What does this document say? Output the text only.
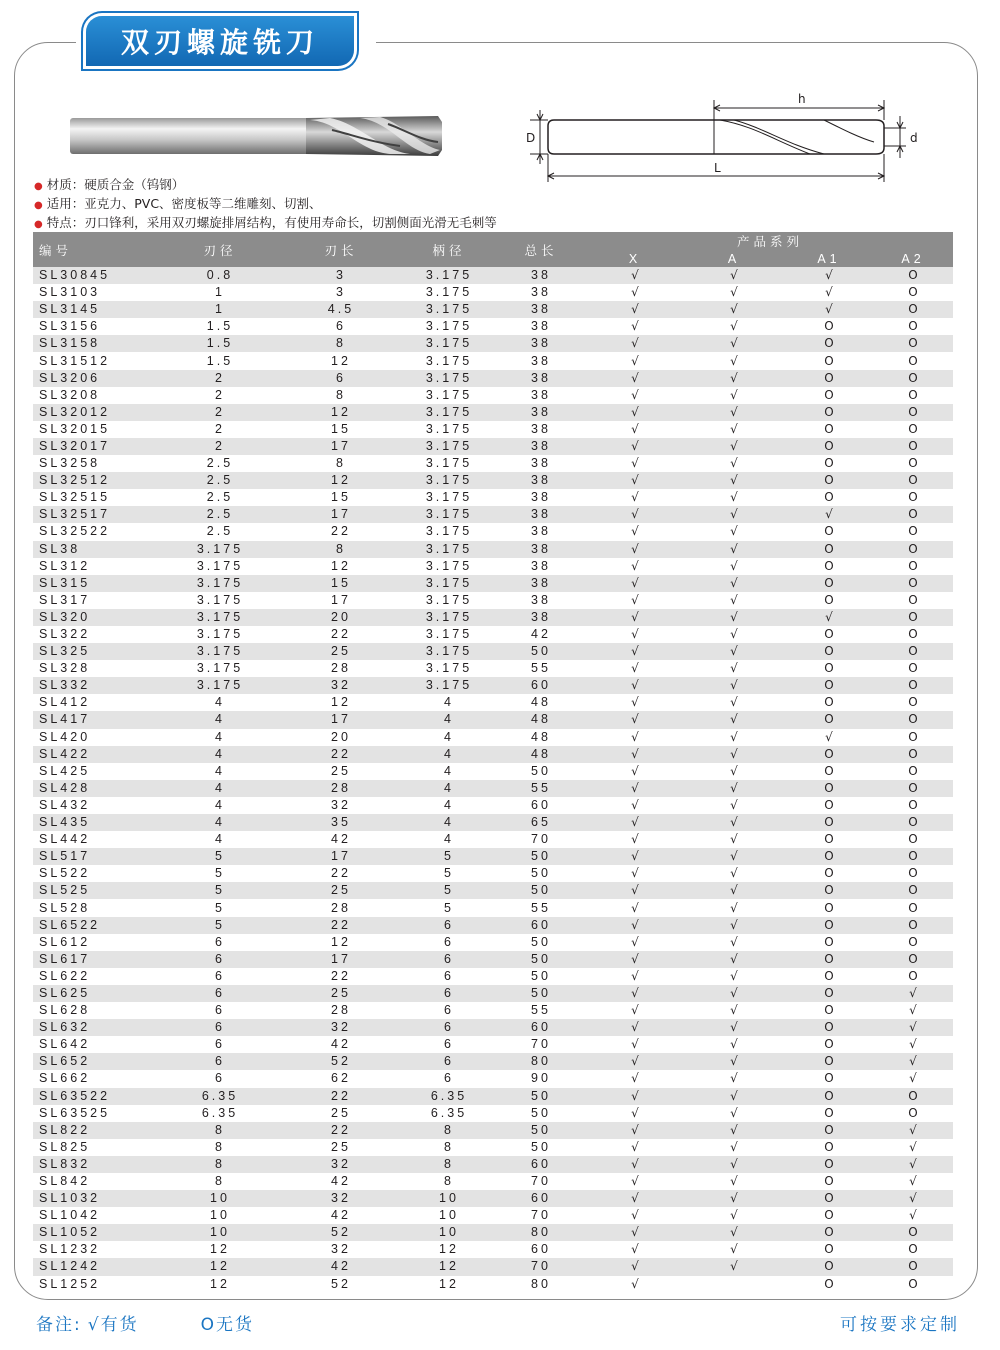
双刃螺旋铣刀
h
D	d
L
● 材质：硬质合金（钨钢）
● 适用：亚克力、PVC、密度板等二维雕刻、切割、
● 特点：刃口锋利，采用双刃螺旋排屑结构，有使用寿命长，切割侧面光滑无毛刺等
编号	刃径	刃长	柄径	总长	产品系列			
					X	A	A1	A2
SL30845	0.8	3	3.175	38	√	√	√	O
SL3103	1	3	3.175	38	√	√	√	O
SL3145	1	4.5	3.175	38	√	√	√	O
SL3156	1.5	6	3.175	38	√	√	O	O
SL3158	1.5	8	3.175	38	√	√	O	O
SL31512	1.5	12	3.175	38	√	√	O	O
SL3206	2	6	3.175	38	√	√	O	O
SL3208	2	8	3.175	38	√	√	O	O
SL32012	2	12	3.175	38	√	√	O	O
SL32015	2	15	3.175	38	√	√	O	O
SL32017	2	17	3.175	38	√	√	O	O
SL3258	2.5	8	3.175	38	√	√	O	O
SL32512	2.5	12	3.175	38	√	√	O	O
SL32515	2.5	15	3.175	38	√	√	O	O
SL32517	2.5	17	3.175	38	√	√	√	O
SL32522	2.5	22	3.175	38	√	√	O	O
SL38	3.175	8	3.175	38	√	√	O	O
SL312	3.175	12	3.175	38	√	√	O	O
SL315	3.175	15	3.175	38	√	√	O	O
SL317	3.175	17	3.175	38	√	√	O	O
SL320	3.175	20	3.175	38	√	√	√	O
SL322	3.175	22	3.175	42	√	√	O	O
SL325	3.175	25	3.175	50	√	√	O	O
SL328	3.175	28	3.175	55	√	√	O	O
SL332	3.175	32	3.175	60	√	√	O	O
SL412	4	12	4	48	√	√	O	O
SL417	4	17	4	48	√	√	O	O
SL420	4	20	4	48	√	√	√	O
SL422	4	22	4	48	√	√	O	O
SL425	4	25	4	50	√	√	O	O
SL428	4	28	4	55	√	√	O	O
SL432	4	32	4	60	√	√	O	O
SL435	4	35	4	65	√	√	O	O
SL442	4	42	4	70	√	√	O	O
SL517	5	17	5	50	√	√	O	O
SL522	5	22	5	50	√	√	O	O
SL525	5	25	5	50	√	√	O	O
SL528	5	28	5	55	√	√	O	O
SL6522	5	22	6	60	√	√	O	O
SL612	6	12	6	50	√	√	O	O
SL617	6	17	6	50	√	√	O	O
SL622	6	22	6	50	√	√	O	O
SL625	6	25	6	50	√	√	O	√
SL628	6	28	6	55	√	√	O	√
SL632	6	32	6	60	√	√	O	√
SL642	6	42	6	70	√	√	O	√
SL652	6	52	6	80	√	√	O	√
SL662	6	62	6	90	√	√	O	√
SL63522	6.35	22	6.35	50	√	√	O	O
SL63525	6.35	25	6.35	50	√	√	O	O
SL822	8	22	8	50	√	√	O	√
SL825	8	25	8	50	√	√	O	√
SL832	8	32	8	60	√	√	O	√
SL842	8	42	8	70	√	√	O	√
SL1032	10	32	10	60	√	√	O	√
SL1042	10	42	10	70	√	√	O	√
SL1052	10	52	10	80	√	√	O	O
SL1232	12	32	12	60	√	√	O	O
SL1242	12	42	12	70	√	√	O	O
SL1252	12	52	12	80	√		O	O
备注: √有货	O无货	可按要求定制
